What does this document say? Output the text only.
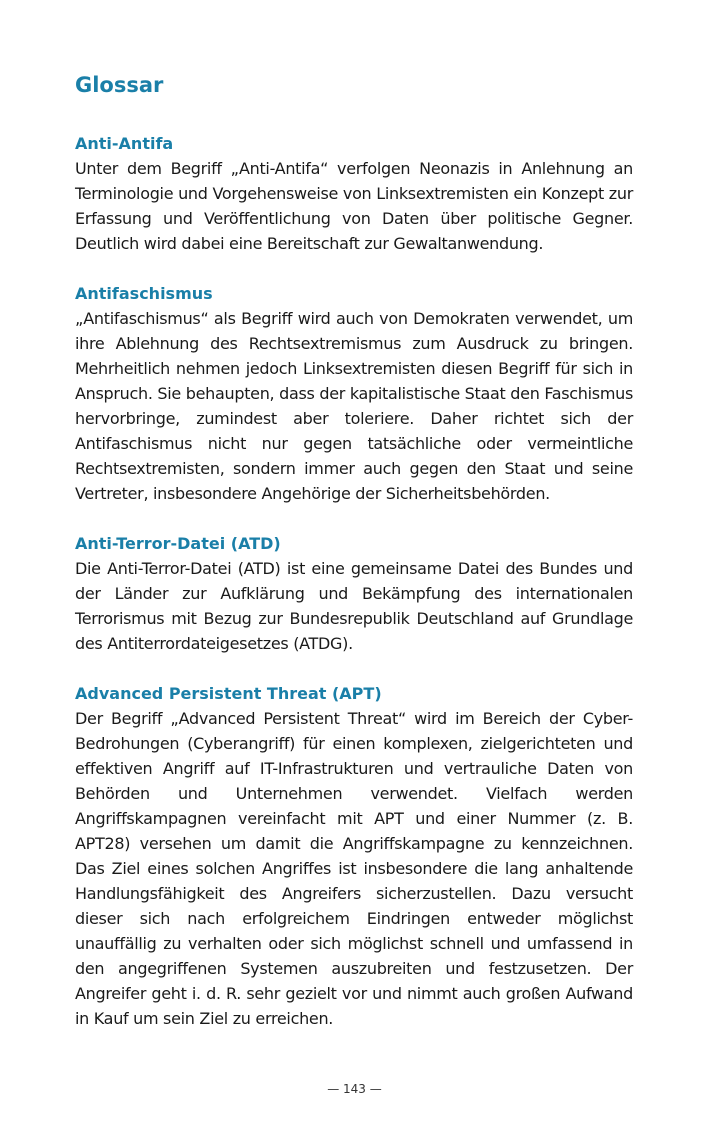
Glossar
Anti-Antifa

Unter dem Begriff „Anti-Antifa“ verfolgen Neonazis in Anlehnung an Terminologie und Vorgehensweise von Linksextremisten ein Konzept zur Erfassung und Veröffentlichung von Daten über politische Gegner. Deutlich wird dabei eine Bereitschaft zur Gewaltanwendung.

Antifaschismus

„Antifaschismus“ als Begriff wird auch von Demokraten verwendet, um ihre Ablehnung des Rechtsextremismus zum Ausdruck zu bringen. Mehrheitlich nehmen jedoch Linksextremisten diesen Begriff für sich in Anspruch. Sie behaupten, dass der kapitalistische Staat den Faschismus hervorbringe, zumindest aber toleriere. Daher richtet sich der Antifaschismus nicht nur gegen tatsächliche oder vermeintliche Rechtsextremisten, sondern immer auch gegen den Staat und seine Vertreter, insbesondere Angehörige der Sicherheitsbehörden.

Anti-Terror-Datei (ATD)

Die Anti-Terror-Datei (ATD) ist eine gemeinsame Datei des Bundes und der Länder zur Aufklärung und Bekämpfung des internationalen Terrorismus mit Bezug zur Bundesrepublik Deutschland auf Grundlage des Antiterrordateigesetzes (ATDG).

Advanced Persistent Threat (APT)

Der Begriff „Advanced Persistent Threat“ wird im Bereich der Cyber-Bedrohungen (Cyberangriff) für einen komplexen, zielgerichteten und effektiven Angriff auf IT-Infrastrukturen und vertrauliche Daten von Behörden und Unternehmen verwendet. Vielfach werden Angriffskampagnen vereinfacht mit APT und einer Nummer (z. B. APT28) versehen um damit die Angriffskampagne zu kennzeichnen. Das Ziel eines solchen Angriffes ist insbesondere die lang anhaltende Handlungsfähigkeit des Angreifers sicherzustellen. Dazu versucht dieser sich nach erfolgreichem Eindringen entweder möglichst unauffällig zu verhalten oder sich möglichst schnell und umfassend in den angegriffenen Systemen auszubreiten und festzusetzen. Der Angreifer geht i. d. R. sehr gezielt vor und nimmt auch großen Aufwand in Kauf um sein Ziel zu erreichen.

— 143 —
